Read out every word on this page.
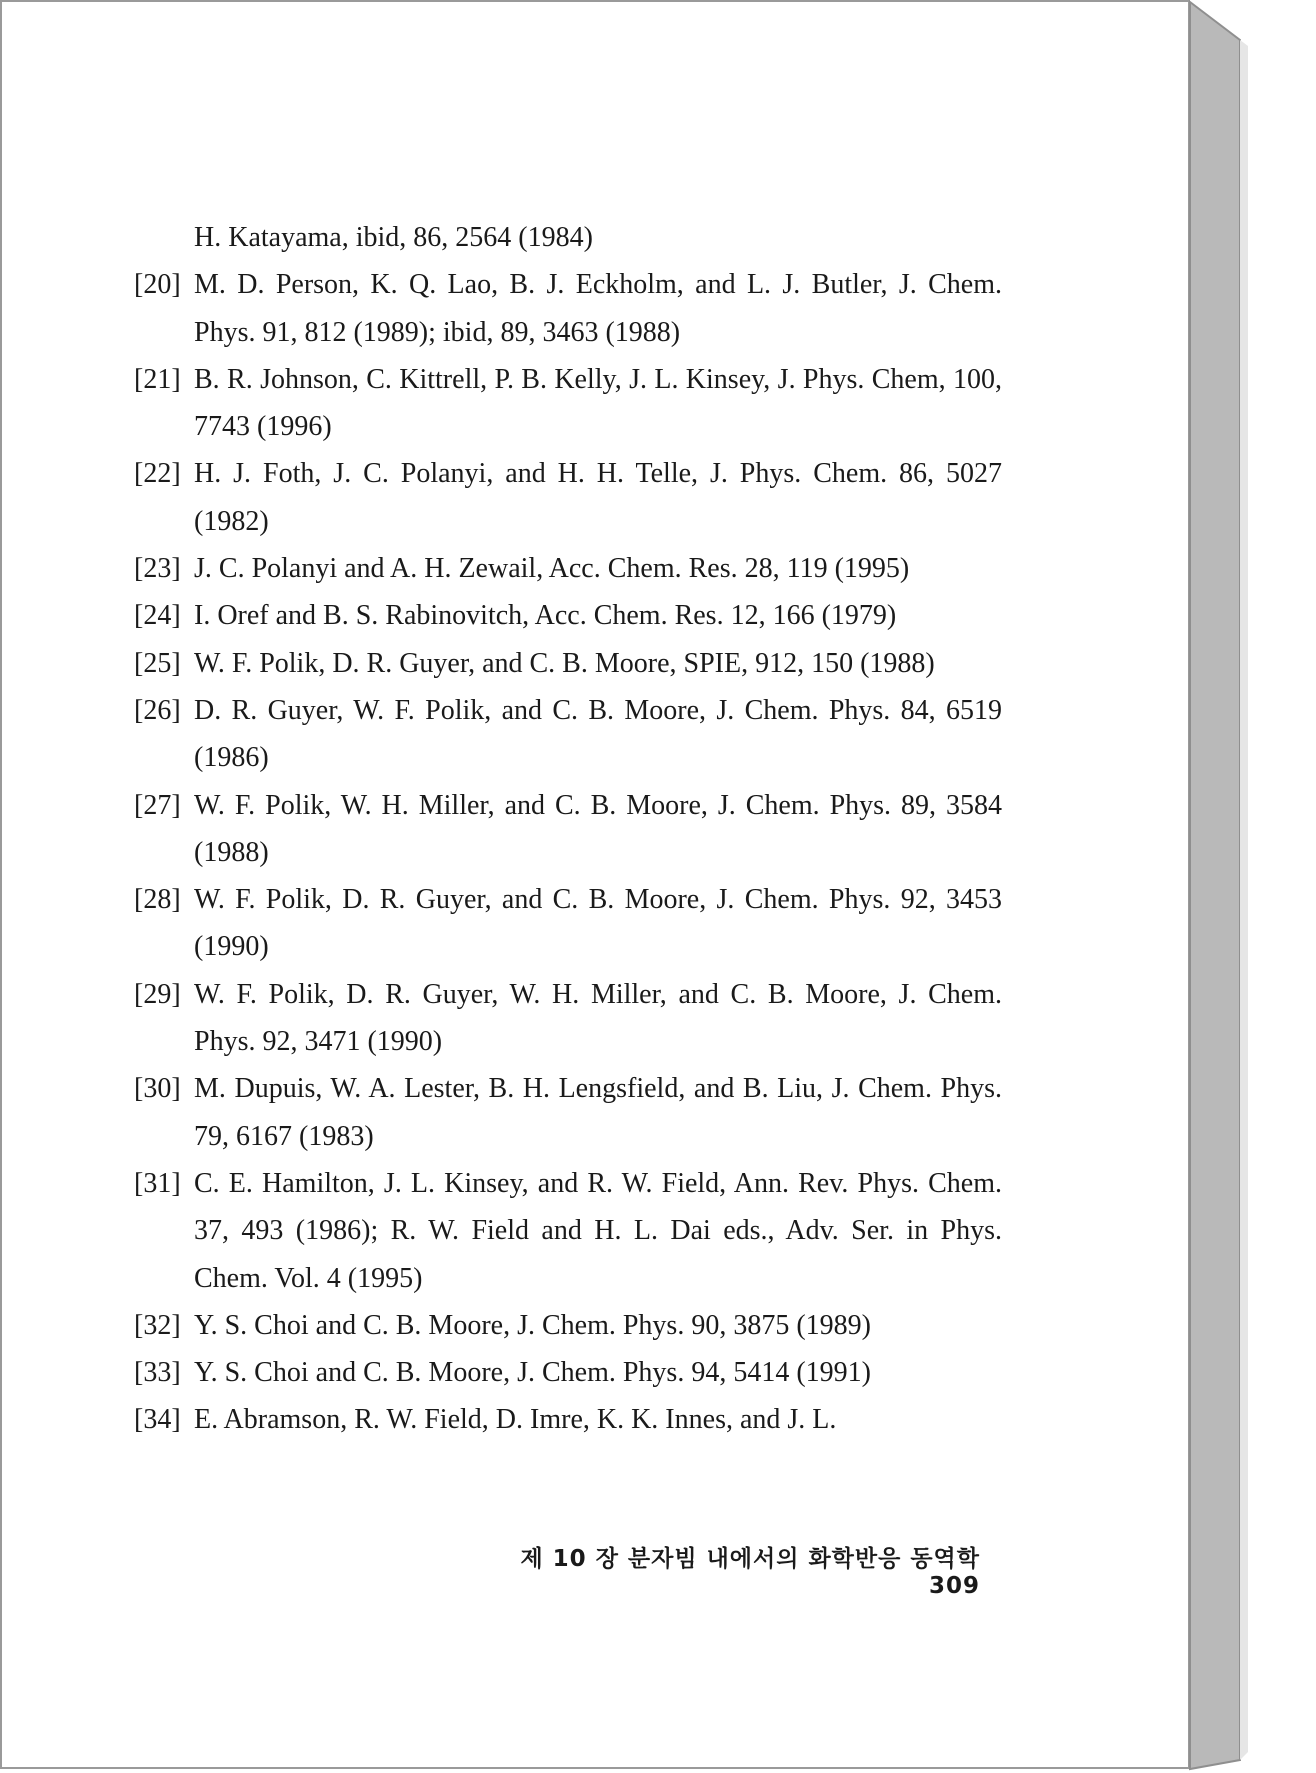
H. Katayama, ibid, 86, 2564 (1984)
[20] M. D. Person, K. Q. Lao, B. J. Eckholm, and L. J. Butler, J. Chem. Phys. 91, 812 (1989); ibid, 89, 3463 (1988)
[21] B. R. Johnson, C. Kittrell, P. B. Kelly, J. L. Kinsey, J. Phys. Chem, 100, 7743 (1996)
[22] H. J. Foth, J. C. Polanyi, and H. H. Telle, J. Phys. Chem. 86, 5027 (1982)
[23] J. C. Polanyi and A. H. Zewail, Acc. Chem. Res. 28, 119 (1995)
[24] I. Oref and B. S. Rabinovitch, Acc. Chem. Res. 12, 166 (1979)
[25] W. F. Polik, D. R. Guyer, and C. B. Moore, SPIE, 912, 150 (1988)
[26] D. R. Guyer, W. F. Polik, and C. B. Moore, J. Chem. Phys. 84, 6519 (1986)
[27] W. F. Polik, W. H. Miller, and C. B. Moore, J. Chem. Phys. 89, 3584 (1988)
[28] W. F. Polik, D. R. Guyer, and C. B. Moore, J. Chem. Phys. 92, 3453 (1990)
[29] W. F. Polik, D. R. Guyer, W. H. Miller, and C. B. Moore, J. Chem. Phys. 92, 3471 (1990)
[30] M. Dupuis, W. A. Lester, B. H. Lengsfield, and B. Liu, J. Chem. Phys. 79, 6167 (1983)
[31] C. E. Hamilton, J. L. Kinsey, and R. W. Field, Ann. Rev. Phys. Chem. 37, 493 (1986); R. W. Field and H. L. Dai eds., Adv. Ser. in Phys. Chem. Vol. 4 (1995)
[32] Y. S. Choi and C. B. Moore, J. Chem. Phys. 90, 3875 (1989)
[33] Y. S. Choi and C. B. Moore, J. Chem. Phys. 94, 5414 (1991)
[34] E. Abramson, R. W. Field, D. Imre, K. K. Innes, and J. L.
제 10 장 분자빔 내에서의 화학반응 동역학 309
